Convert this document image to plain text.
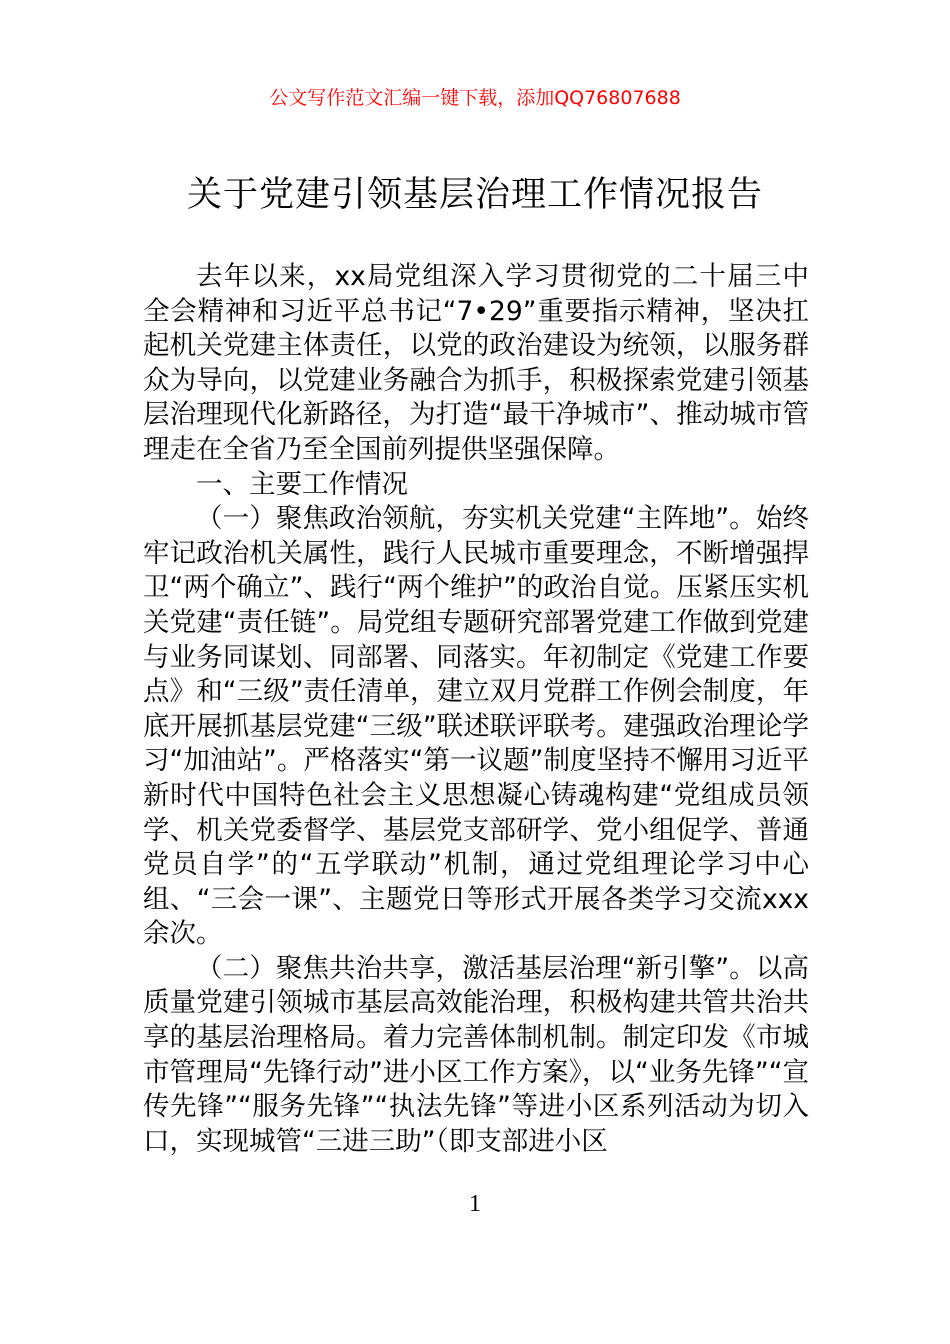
公文写作范文汇编一键下载，添加QQ76807688
关于党建引领基层治理工作情况报告

去年以来，xx局党组深入学习贯彻党的二十届三中全会精神和习近平总书记“7•29”重要指示精神，坚决扛起机关党建主体责任，以党的政治建设为统领，以服务群众为导向，以党建业务融合为抓手，积极探索党建引领基层治理现代化新路径，为打造“最干净城市”、推动城市管理走在全省乃至全国前列提供坚强保障。

一、主要工作情况

（一）聚焦政治领航，夯实机关党建“主阵地”。始终牢记政治机关属性，践行人民城市重要理念，不断增强捍卫“两个确立”、践行“两个维护”的政治自觉。压紧压实机关党建“责任链”。局党组专题研究部署党建工作做到党建与业务同谋划、同部署、同落实。年初制定《党建工作要点》和“三级”责任清单，建立双月党群工作例会制度，年底开展抓基层党建“三级”联述联评联考。建强政治理论学习“加油站”。严格落实“第一议题”制度坚持不懈用习近平新时代中国特色社会主义思想凝心铸魂构建“党组成员领学、机关党委督学、基层党支部研学、党小组促学、普通党员自学”的“五学联动”机制，通过党组理论学习中心组、“三会一课”、主题党日等形式开展各类学习交流xxx余次。

（二）聚焦共治共享，激活基层治理“新引擎”。以高质量党建引领城市基层高效能治理，积极构建共管共治共享的基层治理格局。着力完善体制机制。制定印发《市城市管理局“先锋行动”进小区工作方案》，以“业务先锋”“宣传先锋”“服务先锋”“执法先锋”等进小区系列活动为切入口，实现城管“三进三助”（即支部进小区

1
